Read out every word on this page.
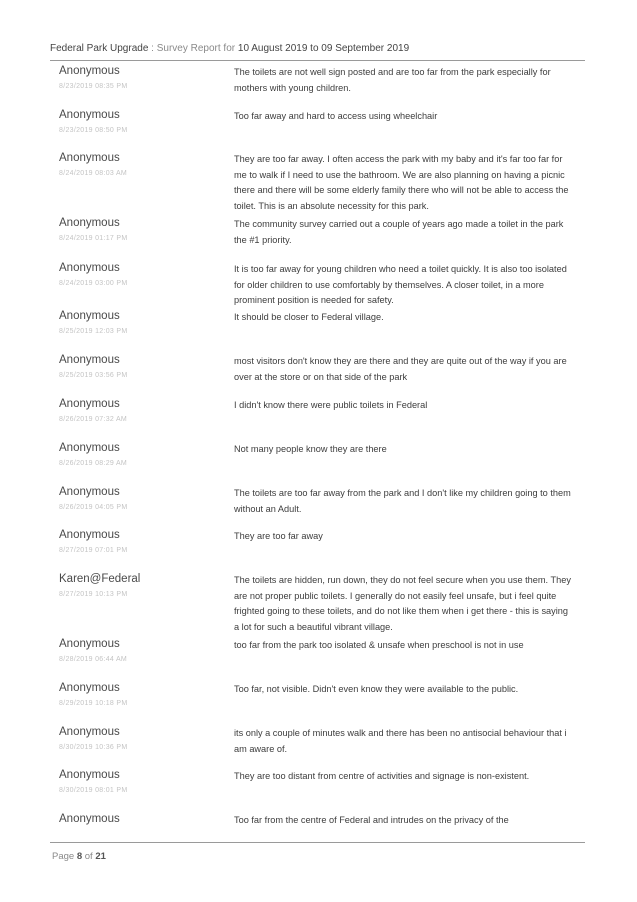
Federal Park Upgrade : Survey Report for 10 August 2019 to 09 September 2019
Anonymous
8/23/2019 08:35 PM
The toilets are not well sign posted and are too far from the park especially for mothers with young children.
Anonymous
8/23/2019 08:50 PM
Too far away and hard to access using wheelchair
Anonymous
8/24/2019 08:03 AM
They are too far away. I often access the park with my baby and it's far too far for me to walk if I need to use the bathroom. We are also planning on having a picnic there and there will be some elderly family there who will not be able to access the toilet. This is an absolute necessity for this park.
Anonymous
8/24/2019 01:17 PM
The community survey carried out a couple of years ago made a toilet in the park the #1 priority.
Anonymous
8/24/2019 03:00 PM
It is too far away for young children who need a toilet quickly. It is also too isolated for older children to use comfortably by themselves. A closer toilet, in a more prominent position is needed for safety.
Anonymous
8/25/2019 12:03 PM
It should be closer to Federal village.
Anonymous
8/25/2019 03:56 PM
most visitors don't know they are there and they are quite out of the way if you are over at the store or on that side of the park
Anonymous
8/26/2019 07:32 AM
I didn't know there were public toilets in Federal
Anonymous
8/26/2019 08:29 AM
Not many people know they are there
Anonymous
8/26/2019 04:05 PM
The toilets are too far away from the park and I don't like my children going to them without an Adult.
Anonymous
8/27/2019 07:01 PM
They are too far away
Karen@Federal
8/27/2019 10:13 PM
The toilets are hidden, run down, they do not feel secure when you use them. They are not proper public toilets. I generally do not easily feel unsafe, but i feel quite frighted going to these toilets, and do not like them when i get there - this is saying a lot for such a beautiful vibrant village.
Anonymous
8/28/2019 06:44 AM
too far from the park too isolated & unsafe when preschool is not in use
Anonymous
8/29/2019 10:18 PM
Too far, not visible. Didn't even know they were available to the public.
Anonymous
8/30/2019 10:36 PM
its only a couple of minutes walk and there has been no antisocial behaviour that i am aware of.
Anonymous
8/30/2019 08:01 PM
They are too distant from centre of activities and signage is non-existent.
Anonymous	Too far from the centre of Federal and intrudes on the privacy of the
Page 8 of 21
